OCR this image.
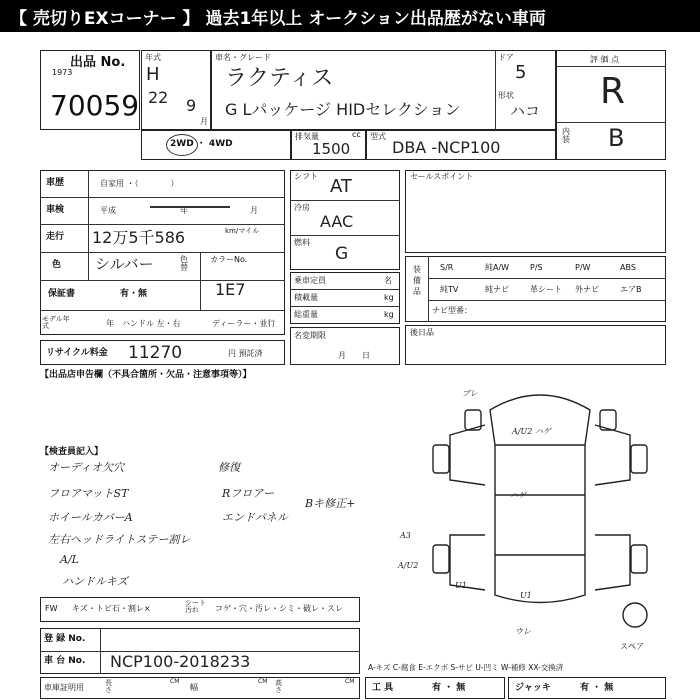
【 売切りEXコーナー 】 過去1年以上 オークション出品歴がない車両
出品 No.
1973
70059
年式
H
22 9
月
車名・グレード
ラクティス
G Lパッケージ HIDセレクション
ドア
5
形状
ハコ
評 価 点
R
内装 B
2WD ・ 4WD
排気量	cc
1500
型式
DBA -NCP100
車歴	自家用 ・（　　　　）
車検	平成	年	月
走行 12万5千586	km/マイル
色 シルバー	色替
カラーNo.
1E7
保証書	有・無
モデル年式	年 ハンドル 左・右	ディーラー・並行
リサイクル料金 11270	円 預託済
シフト AT
冷房
AAC
燃料
G
乗車定員	名
積載量	kg
総重量	kg
名変期限
月日
セールスポイント
装備品
S/R	純A/W	P/S	P/W	ABS
純TV	純ナビ	革シート 外ナビ	エアB
ナビ型番：
後日品
【出品店申告欄（不具合箇所・欠品・注意事項等）】
【検査員記入】
オーディオ欠穴
フロアマットST
ホイールカバーA
左右ヘッドライトステー割レ
A/L
ハンドルキズ
修復
Rフロアー
エンドパネル
Bキ修正+
ブレ
A/U2 ハゲ
ハゲ
A3
A/U2
U1
U1
ウレ
スペア
FW キズ・トビ石・割レ×
シート汚れ	コゲ・穴・汚レ・シミ・破レ・スレ
登 録 No.
車 台 No. NCP100-2018233	A-キズ C-腐食 E-エクボ S-サビ U-凹ミ W-補修 XX-交換済
車庫証明用	長さ
CM
幅
CM 高さ
CM
工 具	有 ・ 無	ジャッキ	有 ・ 無
